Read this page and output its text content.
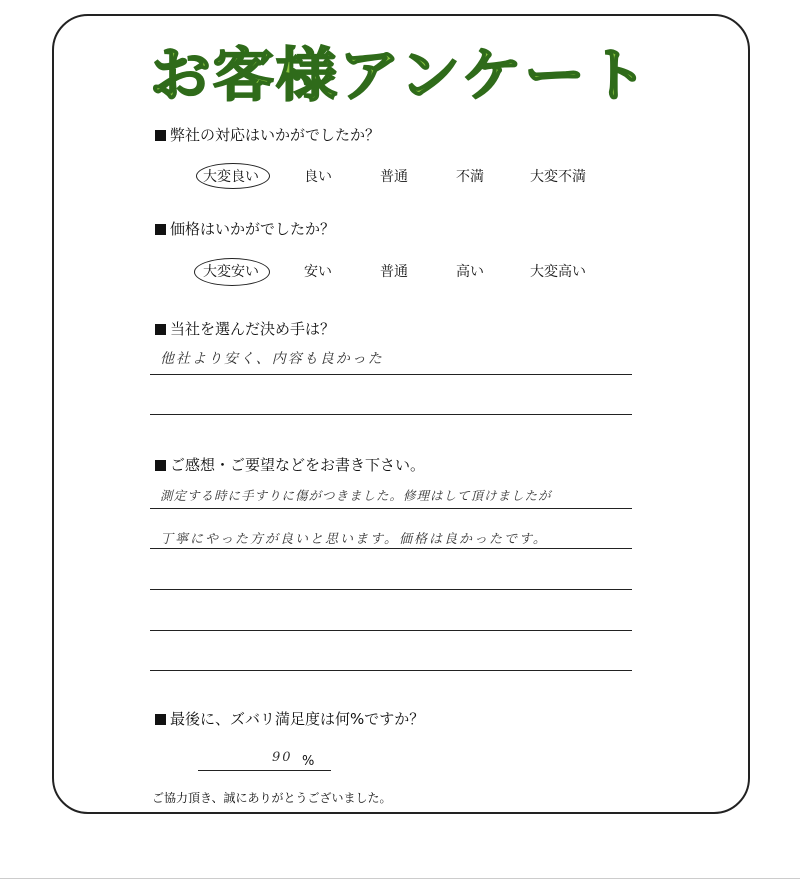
お客様アンケート
弊社の対応はいかがでしたか？
大変良い	良い	普通	不満	大変不満
価格はいかがでしたか？
大変安い	安い	普通	高い	大変高い
当社を選んだ決め手は？
他社より安く、内容も良かった
ご感想・ご要望などをお書き下さい。
測定する時に手すりに傷がつきました。修理はして頂けましたが
丁寧にやった方が良いと思います。価格は良かったです。
最後に、ズバリ満足度は何%ですか？
90 %
ご協力頂き、誠にありがとうございました。
